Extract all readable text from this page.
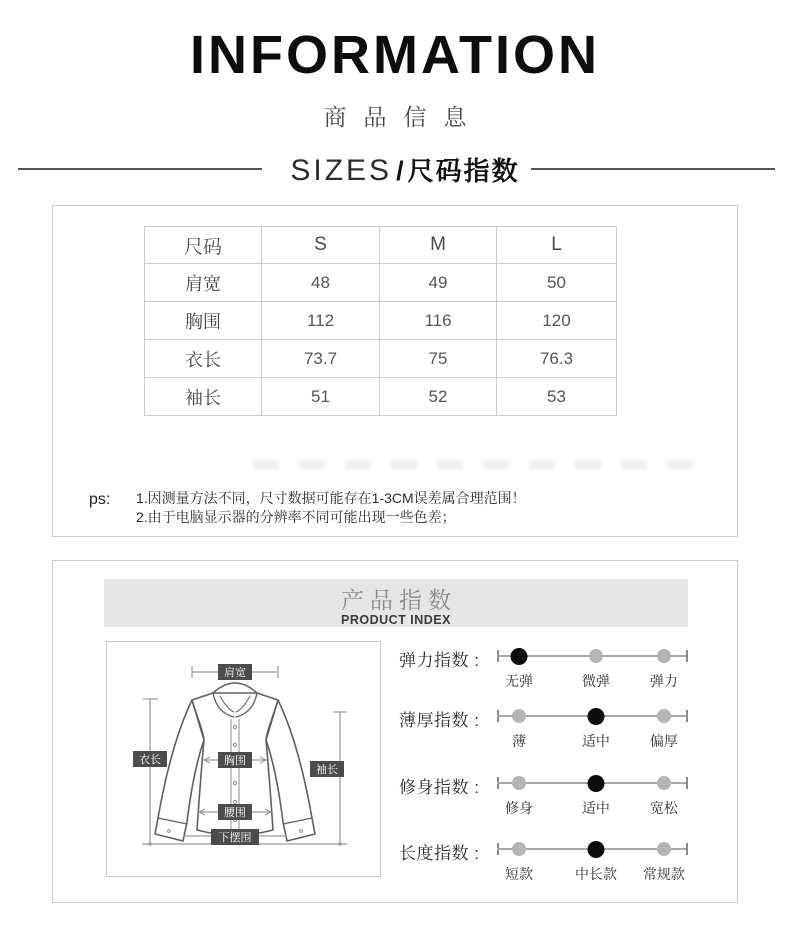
INFORMATION
商品信息
SIZES / 尺码指数
尺码	S	M	L
肩宽	48	49	50
胸围	112	116	120
衣长	73.7	75	76.3
袖长	51	52	53
ps: 1.因测量方法不同，尺寸数据可能存在1-3CM误差属合理范围！
2.由于电脑显示器的分辨率不同可能出现一些色差；
产品指数
PRODUCT INDEX
肩宽
衣长	胸围
腰围
下摆围
袖长
弹力指数 :
无弹	微弹	弹力
薄厚指数 :
薄	适中	偏厚
修身指数 :
修身	适中	宽松
长度指数 :
短款	中长款 常规款
